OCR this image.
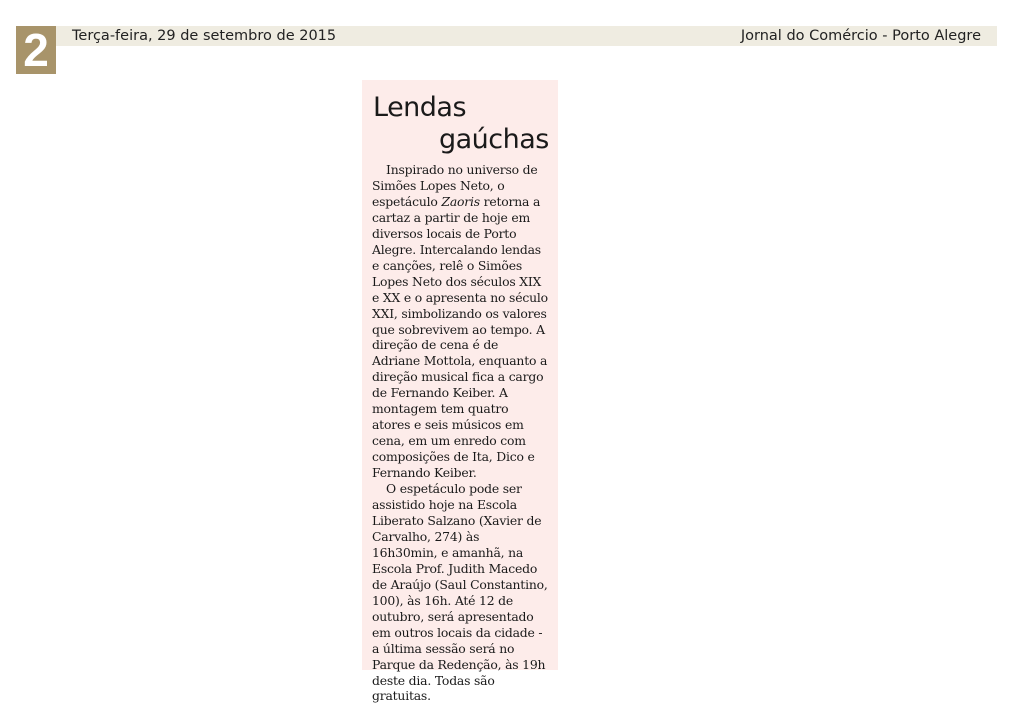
2	Terça-feira, 29 de setembro de 2015	Jornal do Comércio - Porto Alegre
Lendas
gaúchas

Inspirado no universo de Simões Lopes Neto, o espetáculo Zaoris retorna a cartaz a partir de hoje em diversos locais de Porto Alegre. Intercalando lendas e canções, relê o Simões Lopes Neto dos séculos XIX e XX e o apresenta no século XXI, simbolizando os valores que sobrevivem ao tempo. A direção de cena é de Adriane Mottola, enquanto a direção musical fica a cargo de Fernando Keiber. A montagem tem quatro atores e seis músicos em cena, em um enredo com composições de Ita, Dico e Fernando Keiber.

O espetáculo pode ser assistido hoje na Escola Liberato Salzano (Xavier de Carvalho, 274) às 16h30min, e amanhã, na Escola Prof. Judith Macedo de Araújo (Saul Constantino, 100), às 16h. Até 12 de outubro, será apresentado em outros locais da cidade - a última sessão será no Parque da Redenção, às 19h deste dia. Todas são gratuitas.
